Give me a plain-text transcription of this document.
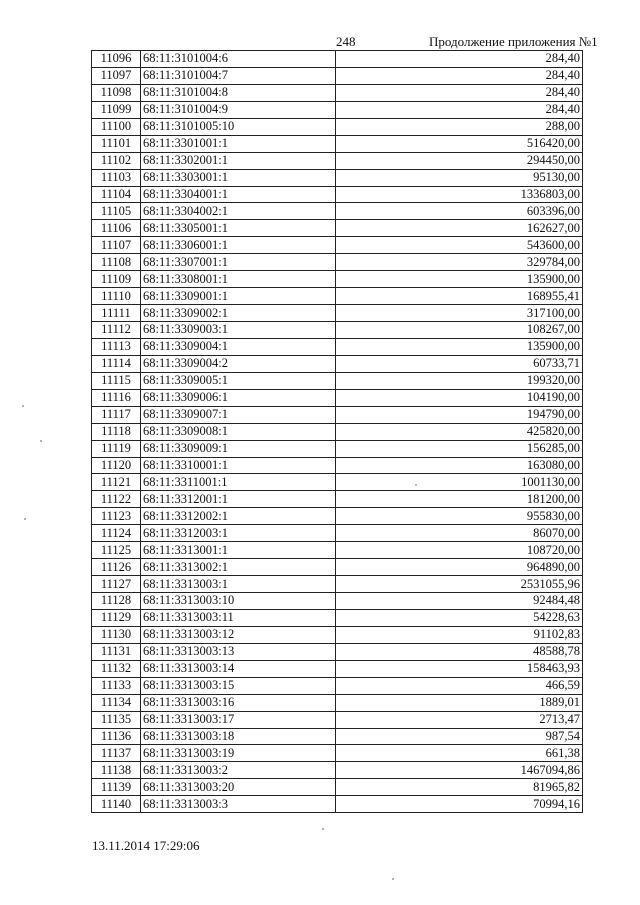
248	Продолжение приложения №1
11096	68:11:3101004:6	284,40
11097	68:11:3101004:7	284,40
11098	68:11:3101004:8	284,40
11099	68:11:3101004:9	284,40
11100	68:11:3101005:10	288,00
11101	68:11:3301001:1	516420,00
11102	68:11:3302001:1	294450,00
11103	68:11:3303001:1	95130,00
11104	68:11:3304001:1	1336803,00
11105	68:11:3304002:1	603396,00
11106	68:11:3305001:1	162627,00
11107	68:11:3306001:1	543600,00
11108	68:11:3307001:1	329784,00
11109	68:11:3308001:1	135900,00
11110	68:11:3309001:1	168955,41
11111	68:11:3309002:1	317100,00
11112	68:11:3309003:1	108267,00
11113	68:11:3309004:1	135900,00
11114	68:11:3309004:2	60733,71
11115	68:11:3309005:1	199320,00
11116	68:11:3309006:1	104190,00
11117	68:11:3309007:1	194790,00
11118	68:11:3309008:1	425820,00
11119	68:11:3309009:1	156285,00
11120	68:11:3310001:1	163080,00
11121	68:11:3311001:1	1001130,00
11122	68:11:3312001:1	181200,00
11123	68:11:3312002:1	955830,00
11124	68:11:3312003:1	86070,00
11125	68:11:3313001:1	108720,00
11126	68:11:3313002:1	964890,00
11127	68:11:3313003:1	2531055,96
11128	68:11:3313003:10	92484,48
11129	68:11:3313003:11	54228,63
11130	68:11:3313003:12	91102,83
11131	68:11:3313003:13	48588,78
11132	68:11:3313003:14	158463,93
11133	68:11:3313003:15	466,59
11134	68:11:3313003:16	1889,01
11135	68:11:3313003:17	2713,47
11136	68:11:3313003:18	987,54
11137	68:11:3313003:19	661,38
11138	68:11:3313003:2	1467094,86
11139	68:11:3313003:20	81965,82
11140	68:11:3313003:3	70994,16
13.11.2014 17:29:06
